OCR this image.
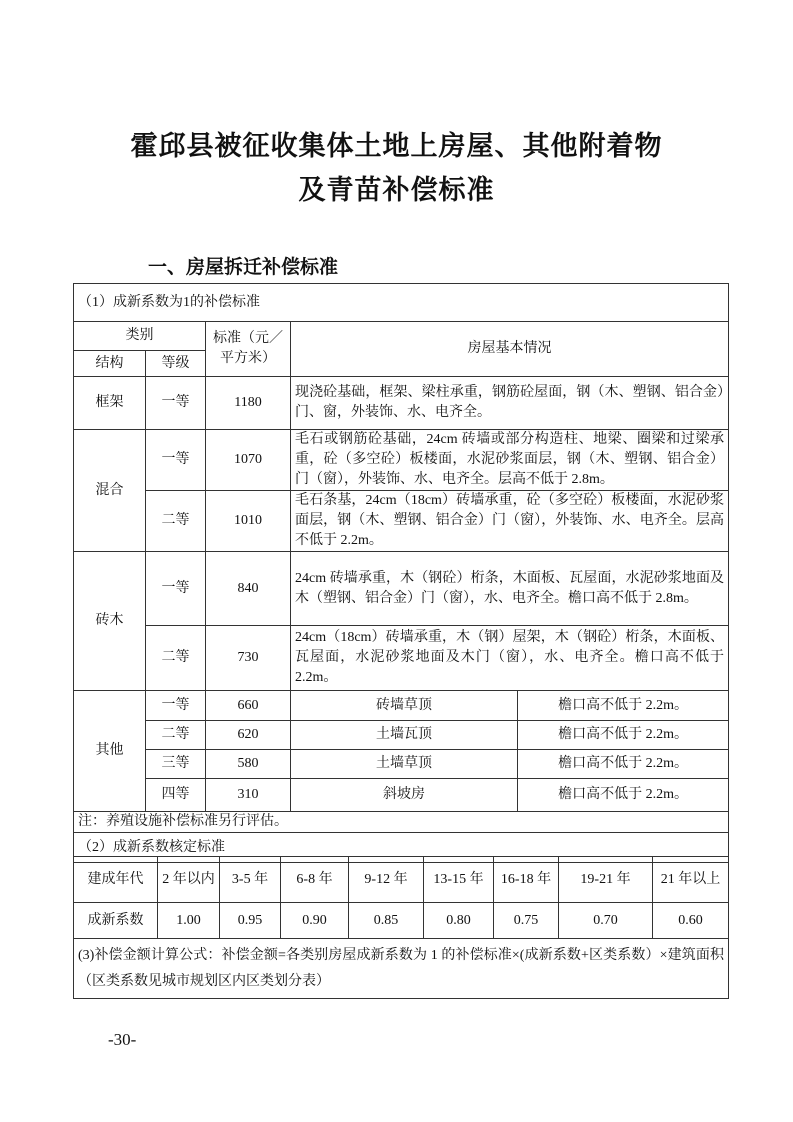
霍邱县被征收集体土地上房屋、其他附着物
及青苗补偿标准
一、房屋拆迁补偿标准
（1）成新系数为1的补偿标准				
类别		标准（元／平方米）	房屋基本情况	
结构	等级			
框架	一等	1180	现浇砼基础，框架、梁柱承重，钢筋砼屋面，钢（木、塑钢、铝合金）门、窗，外装饰、水、电齐全。	
混合	一等	1070	毛石或钢筋砼基础，24cm 砖墙或部分构造柱、地梁、圈梁和过梁承重，砼（多空砼）板楼面，水泥砂浆面层，钢（木、塑钢、铝合金）门（窗），外装饰、水、电齐全。层高不低于 2.8m。	
	二等	1010	毛石条基，24cm（18cm）砖墙承重，砼（多空砼）板楼面，水泥砂浆面层，钢（木、塑钢、铝合金）门（窗），外装饰、水、电齐全。层高不低于 2.2m。	
砖木	一等	840	24cm 砖墙承重，木（钢砼）桁条，木面板、瓦屋面，水泥砂浆地面及木（塑钢、铝合金）门（窗），水、电齐全。檐口高不低于 2.8m。	
	二等	730	24cm（18cm）砖墙承重，木（钢）屋架，木（钢砼）桁条，木面板、瓦屋面，水泥砂浆地面及木门（窗），水、电齐全。檐口高不低于 2.2m。	
其他	一等	660	砖墙草顶	檐口高不低于 2.2m。
	二等	620	土墙瓦顶	檐口高不低于 2.2m。
	三等	580	土墙草顶	檐口高不低于 2.2m。
	四等	310	斜坡房	檐口高不低于 2.2m。
注：养殖设施补偿标准另行评估。				
（2）成新系数核定标准				
建成年代	2 年以内	3-5 年	6-8 年	9-12 年	13-15 年	16-18 年	19-21 年	21 年以上
成新系数	1.00	0.95	0.90	0.85	0.80	0.75	0.70	0.60
(3)补偿金额计算公式：补偿金额=各类别房屋成新系数为 1 的补偿标准×(成新系数+区类系数）×建筑面积（区类系数见城市规划区内区类划分表）								
-30-
